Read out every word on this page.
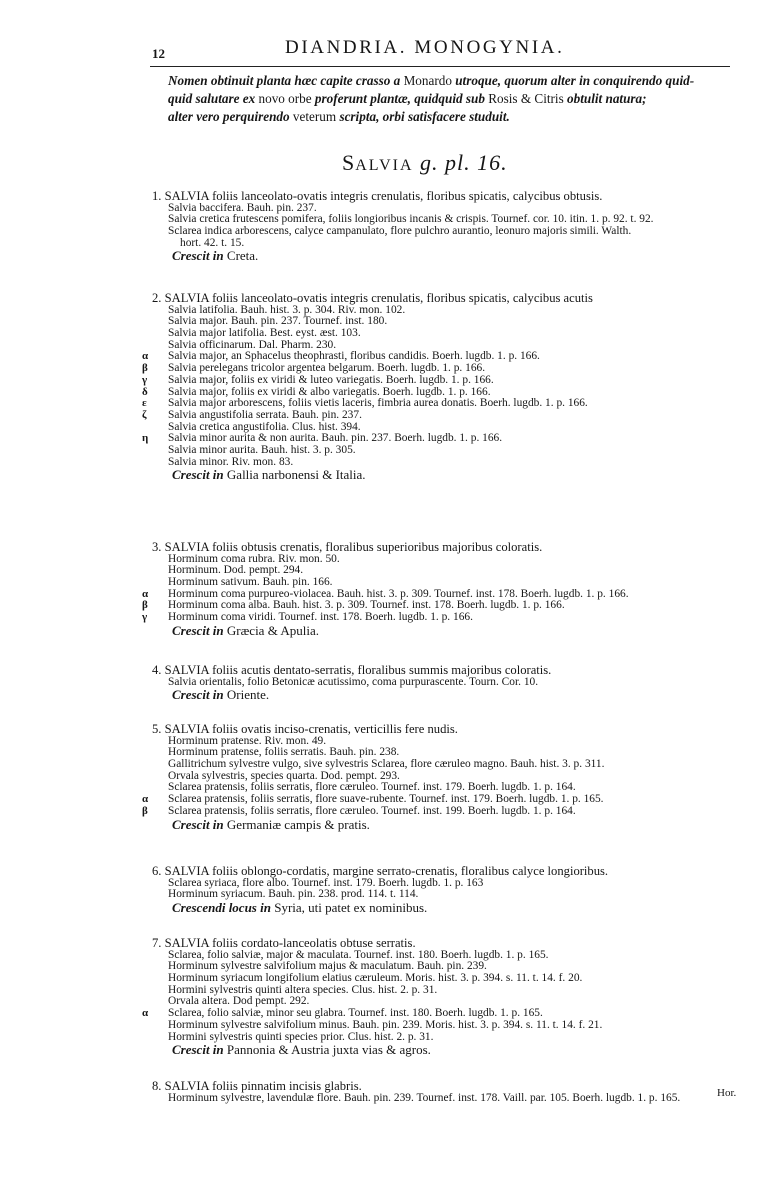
12	DIANDRIA. MONOGYNIA.
Nomen obtinuit planta hæc capite crasso a Monardo utroque, quorum alter in conquirendo quid-
quid salutare ex novo orbe proferunt plantæ, quidquid sub Rosis & Citris obtulit natura;
alter vero perquirendo veterum scripta, orbi satisfacere studuit.
SALVIA g. pl. 16.
1. SALVIA foliis lanceolato-ovatis integris crenulatis, floribus spicatis, calycibus obtusis.
Salvia baccifera. Bauh. pin. 237.
Salvia cretica frutescens pomifera, foliis longioribus incanis & crispis. Tournef. cor. 10. itin. 1. p. 92. t. 92.
Sclarea indica arborescens, calyce campanulato, flore pulchro aurantio, leonuro majoris simili. Walth.
hort. 42. t. 15.
Crescit in Creta.
2. SALVIA foliis lanceolato-ovatis integris crenulatis, floribus spicatis, calycibus acutis
Salvia latifolia. Bauh. hist. 3. p. 304. Riv. mon. 102.
Salvia major. Bauh. pin. 237. Tournef. inst. 180.
Salvia major latifolia. Best. eyst. æst. 103.
Salvia officinarum. Dal. Pharm. 230.
α	Salvia major, an Sphacelus theophrasti, floribus candidis. Boerh. lugdb. 1. p. 166.
β	Salvia perelegans tricolor argentea belgarum. Boerh. lugdb. 1. p. 166.
γ	Salvia major, foliis ex viridi & luteo variegatis. Boerh. lugdb. 1. p. 166.
δ	Salvia major, foliis ex viridi & albo variegatis. Boerh. lugdb. 1. p. 166.
ε	Salvia major arborescens, foliis vietis laceris, fimbria aurea donatis. Boerh. lugdb. 1. p. 166.
ζ	Salvia angustifolia serrata. Bauh. pin. 237.
Salvia cretica angustifolia. Clus. hist. 394.
η	Salvia minor aurita & non aurita. Bauh. pin. 237. Boerh. lugdb. 1. p. 166.
Salvia minor aurita. Bauh. hist. 3. p. 305.
Salvia minor. Riv. mon. 83.
Crescit in Gallia narbonensi & Italia.
3. SALVIA foliis obtusis crenatis, floralibus superioribus majoribus coloratis.
Horminum coma rubra. Riv. mon. 50.
Horminum. Dod. pempt. 294.
Horminum sativum. Bauh. pin. 166.
α	Horminum coma purpureo-violacea. Bauh. hist. 3. p. 309. Tournef. inst. 178. Boerh. lugdb. 1. p. 166.
β	Horminum coma alba. Bauh. hist. 3. p. 309. Tournef. inst. 178. Boerh. lugdb. 1. p. 166.
γ	Horminum coma viridi. Tournef. inst. 178. Boerh. lugdb. 1. p. 166.
Crescit in Græcia & Apulia.
4. SALVIA foliis acutis dentato-serratis, floralibus summis majoribus coloratis.
Salvia orientalis, folio Betonicæ acutissimo, coma purpurascente. Tourn. Cor. 10.
Crescit in Oriente.
5. SALVIA foliis ovatis inciso-crenatis, verticillis fere nudis.
Horminum pratense. Riv. mon. 49.
Horminum pratense, foliis serratis. Bauh. pin. 238.
Gallitrichum sylvestre vulgo, sive sylvestris Sclarea, flore cæruleo magno. Bauh. hist. 3. p. 311.
Orvala sylvestris, species quarta. Dod. pempt. 293.
Sclarea pratensis, foliis serratis, flore cæruleo. Tournef. inst. 179. Boerh. lugdb. 1. p. 164.
α	Sclarea pratensis, foliis serratis, flore suave-rubente. Tournef. inst. 179. Boerh. lugdb. 1. p. 165.
β	Sclarea pratensis, foliis serratis, flore cæruleo. Tournef. inst. 199. Boerh. lugdb. 1. p. 164.
Crescit in Germaniæ campis & pratis.
6. SALVIA foliis oblongo-cordatis, margine serrato-crenatis, floralibus calyce longioribus.
Sclarea syriaca, flore albo. Tournef. inst. 179. Boerh. lugdb. 1. p. 163
Horminum syriacum. Bauh. pin. 238. prod. 114. t. 114.
Crescendi locus in Syria, uti patet ex nominibus.
7. SALVIA foliis cordato-lanceolatis obtuse serratis.
Sclarea, folio salviæ, major & maculata. Tournef. inst. 180. Boerh. lugdb. 1. p. 165.
Horminum sylvestre salvifolium majus & maculatum. Bauh. pin. 239.
Horminum syriacum longifolium elatius cæruleum. Moris. hist. 3. p. 394. s. 11. t. 14. f. 20.
Hormini sylvestris quinti altera species. Clus. hist. 2. p. 31.
Orvala altera. Dod pempt. 292.
α	Sclarea, folio salviæ, minor seu glabra. Tournef. inst. 180. Boerh. lugdb. 1. p. 165.
Horminum sylvestre salvifolium minus. Bauh. pin. 239. Moris. hist. 3. p. 394. s. 11. t. 14. f. 21.
Hormini sylvestris quinti species prior. Clus. hist. 2. p. 31.
Crescit in Pannonia & Austria juxta vias & agros.
8. SALVIA foliis pinnatim incisis glabris.
Horminum sylvestre, lavendulæ flore. Bauh. pin. 239. Tournef. inst. 178. Vaill. par. 105. Boerh. lugdb. 1. p. 165.	Hor.
